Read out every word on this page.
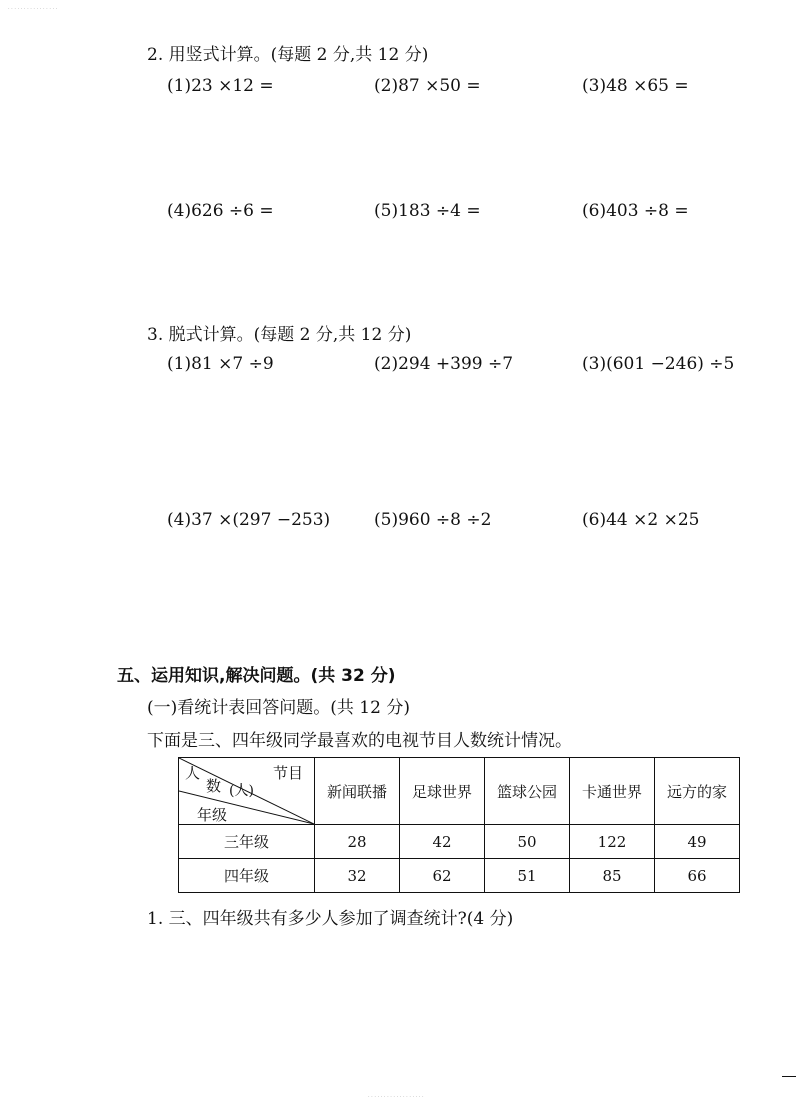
· · · · · · · · · · · · · · · ·
2. 用竖式计算。(每题 2 分,共 12 分)
(1)23 ×12 =	(2)87 ×50 =	(3)48 ×65 =
(4)626 ÷6 =	(5)183 ÷4 =	(6)403 ÷8 =
3. 脱式计算。(每题 2 分,共 12 分)
(1)81 ×7 ÷9	(2)294 +399 ÷7	(3)(601 −246) ÷5
(4)37 ×(297 −253)	(5)960 ÷8 ÷2	(6)44 ×2 ×25
五、运用知识,解决问题。(共 32 分)
(一)看统计表回答问题。(共 12 分)
下面是三、四年级同学最喜欢的电视节目人数统计情况。
人
数 (人)
节目
年级	新闻联播	足球世界	篮球公园	卡通世界	远方的家
三年级	28	42	50	122	49
四年级	32	62	51	85	66
1. 三、四年级共有多少人参加了调查统计?(4 分)
· · · · · · · · · · · · · · · · · ·
